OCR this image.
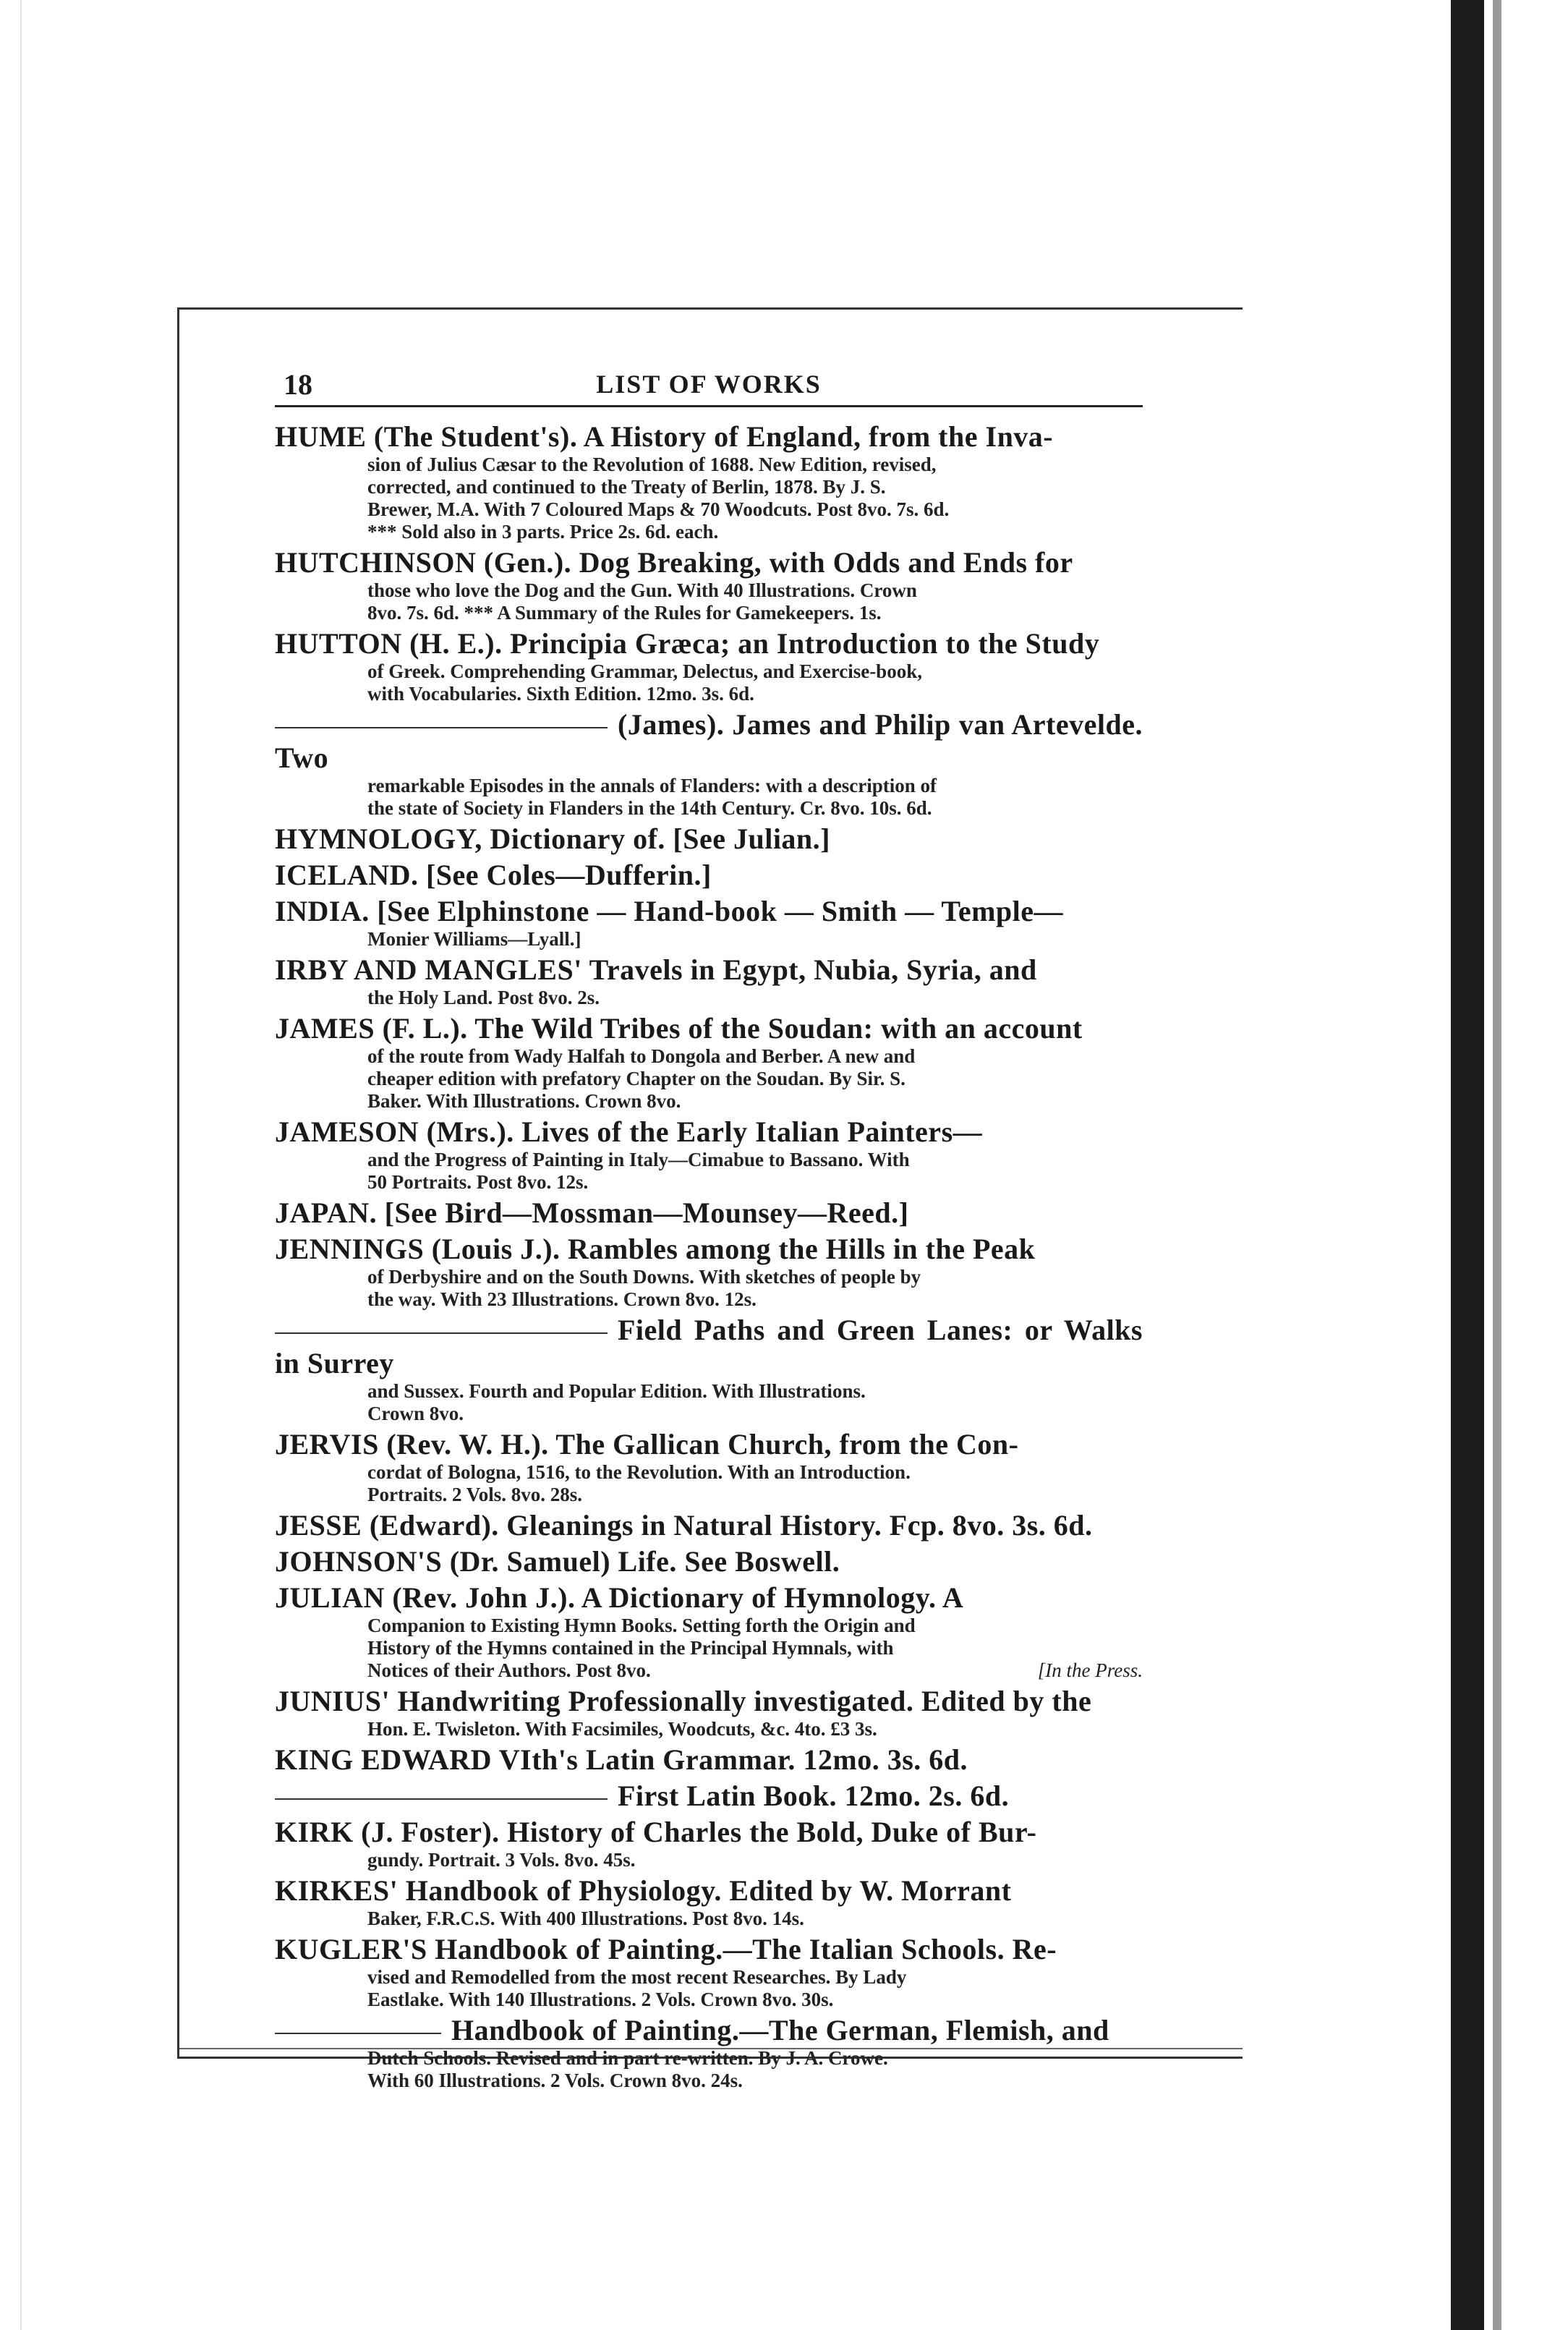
18	LIST OF WORKS
HUME (The Student's). A History of England, from the Inva-
sion of Julius Cæsar to the Revolution of 1688. New Edition, revised,
corrected, and continued to the Treaty of Berlin, 1878. By J. S.
Brewer, M.A. With 7 Coloured Maps & 70 Woodcuts. Post 8vo. 7s. 6d.
*** Sold also in 3 parts. Price 2s. 6d. each.
HUTCHINSON (Gen.). Dog Breaking, with Odds and Ends for
those who love the Dog and the Gun. With 40 Illustrations. Crown
8vo. 7s. 6d. *** A Summary of the Rules for Gamekeepers. 1s.
HUTTON (H. E.). Principia Græca; an Introduction to the Study
of Greek. Comprehending Grammar, Delectus, and Exercise-book,
with Vocabularies. Sixth Edition. 12mo. 3s. 6d.
(James). James and Philip van Artevelde. Two
remarkable Episodes in the annals of Flanders: with a description of
the state of Society in Flanders in the 14th Century. Cr. 8vo. 10s. 6d.
HYMNOLOGY, Dictionary of. [See Julian.]
ICELAND. [See Coles—Dufferin.]
INDIA. [See Elphinstone — Hand-book — Smith — Temple—
Monier Williams—Lyall.]
IRBY AND MANGLES' Travels in Egypt, Nubia, Syria, and
the Holy Land. Post 8vo. 2s.
JAMES (F. L.). The Wild Tribes of the Soudan: with an account
of the route from Wady Halfah to Dongola and Berber. A new and
cheaper edition with prefatory Chapter on the Soudan. By Sir. S.
Baker. With Illustrations. Crown 8vo.
JAMESON (Mrs.). Lives of the Early Italian Painters—
and the Progress of Painting in Italy—Cimabue to Bassano. With
50 Portraits. Post 8vo. 12s.
JAPAN. [See Bird—Mossman—Mounsey—Reed.]
JENNINGS (Louis J.). Rambles among the Hills in the Peak
of Derbyshire and on the South Downs. With sketches of people by
the way. With 23 Illustrations. Crown 8vo. 12s.
Field Paths and Green Lanes: or Walks in Surrey
and Sussex. Fourth and Popular Edition. With Illustrations.
Crown 8vo.
JERVIS (Rev. W. H.). The Gallican Church, from the Con-
cordat of Bologna, 1516, to the Revolution. With an Introduction.
Portraits. 2 Vols. 8vo. 28s.
JESSE (Edward). Gleanings in Natural History. Fcp. 8vo. 3s. 6d.
JOHNSON'S (Dr. Samuel) Life. See Boswell.
JULIAN (Rev. John J.). A Dictionary of Hymnology. A
Companion to Existing Hymn Books. Setting forth the Origin and
History of the Hymns contained in the Principal Hymnals, with
Notices of their Authors. Post 8vo.	[In the Press.
JUNIUS' Handwriting Professionally investigated. Edited by the
Hon. E. Twisleton. With Facsimiles, Woodcuts, &c. 4to. £3 3s.
KING EDWARD VIth's Latin Grammar. 12mo. 3s. 6d.
First Latin Book. 12mo. 2s. 6d.
KIRK (J. Foster). History of Charles the Bold, Duke of Bur-
gundy. Portrait. 3 Vols. 8vo. 45s.
KIRKES' Handbook of Physiology. Edited by W. Morrant
Baker, F.R.C.S. With 400 Illustrations. Post 8vo. 14s.
KUGLER'S Handbook of Painting.—The Italian Schools. Re-
vised and Remodelled from the most recent Researches. By Lady
Eastlake. With 140 Illustrations. 2 Vols. Crown 8vo. 30s.
Handbook of Painting.—The German, Flemish, and
Dutch Schools. Revised and in part re-written. By J. A. Crowe.
With 60 Illustrations. 2 Vols. Crown 8vo. 24s.
